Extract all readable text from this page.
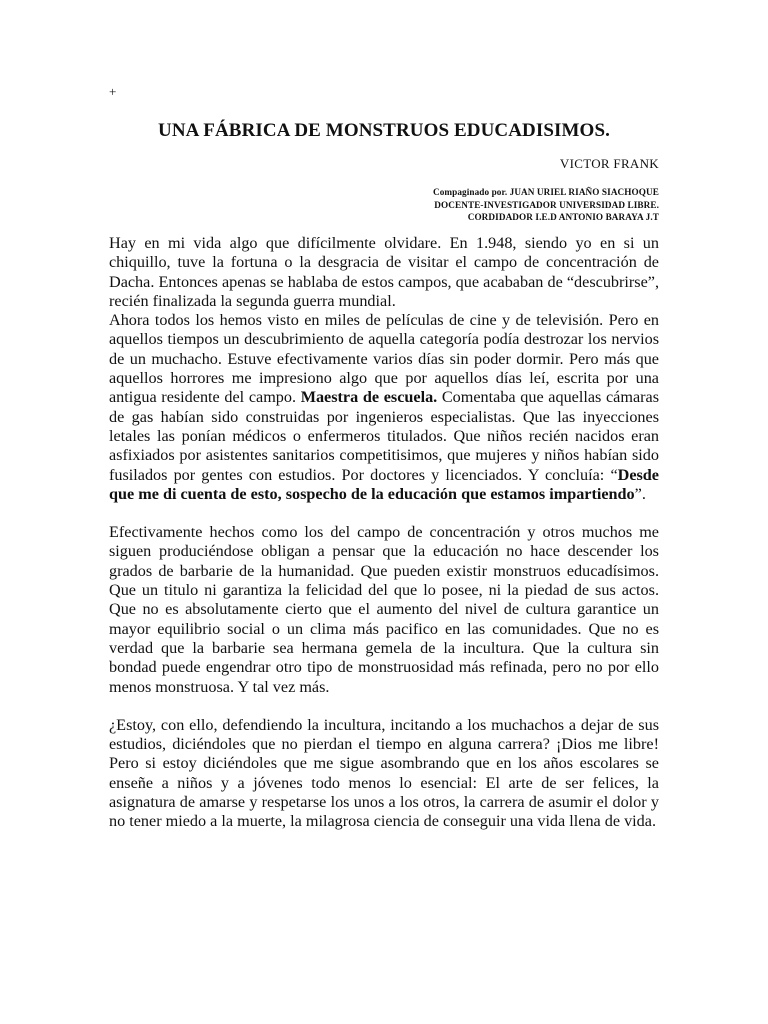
+
UNA FÁBRICA DE MONSTRUOS EDUCADISIMOS.
VICTOR FRANK
Compaginado por. JUAN URIEL RIAÑO SIACHOQUE
DOCENTE-INVESTIGADOR UNIVERSIDAD LIBRE.
CORDIDADOR I.E.D ANTONIO BARAYA J.T

Hay en mi vida algo que difícilmente olvidare. En 1.948, siendo yo en si un chiquillo, tuve la fortuna o la desgracia de visitar el campo de concentración de Dacha. Entonces apenas se hablaba de estos campos, que acababan de “descubrirse”, recién finalizada la segunda guerra mundial.

Ahora todos los hemos visto en miles de películas de cine y de televisión. Pero en aquellos tiempos un descubrimiento de aquella categoría podía destrozar los nervios de un muchacho. Estuve efectivamente varios días sin poder dormir. Pero más que aquellos horrores me impresiono algo que por aquellos días leí, escrita por una antigua residente del campo. Maestra de escuela. Comentaba que aquellas cámaras de gas habían sido construidas por ingenieros especialistas. Que las inyecciones letales las ponían médicos o enfermeros titulados. Que niños recién nacidos eran asfixiados por asistentes sanitarios competitisimos, que mujeres y niños habían sido fusilados por gentes con estudios. Por doctores y licenciados. Y concluía: “Desde que me di cuenta de esto, sospecho de la educación que estamos impartiendo”.

Efectivamente hechos como los del campo de concentración y otros muchos me siguen produciéndose obligan a pensar que la educación no hace descender los grados de barbarie de la humanidad. Que pueden existir monstruos educadísimos. Que un titulo ni garantiza la felicidad del que lo posee, ni la piedad de sus actos. Que no es absolutamente cierto que el aumento del nivel de cultura garantice un mayor equilibrio social o un clima más pacifico en las comunidades. Que no es verdad que la barbarie sea hermana gemela de la incultura. Que la cultura sin bondad puede engendrar otro tipo de monstruosidad más refinada, pero no por ello menos monstruosa. Y tal vez más.

¿Estoy, con ello, defendiendo la incultura, incitando a los muchachos a dejar de sus estudios, diciéndoles que no pierdan el tiempo en alguna carrera? ¡Dios me libre! Pero si estoy diciéndoles que me sigue asombrando que en los años escolares se enseñe a niños y a jóvenes todo menos lo esencial: El arte de ser felices, la asignatura de amarse y respetarse los unos a los otros, la carrera de asumir el dolor y no tener miedo a la muerte, la milagrosa ciencia de conseguir una vida llena de vida.
